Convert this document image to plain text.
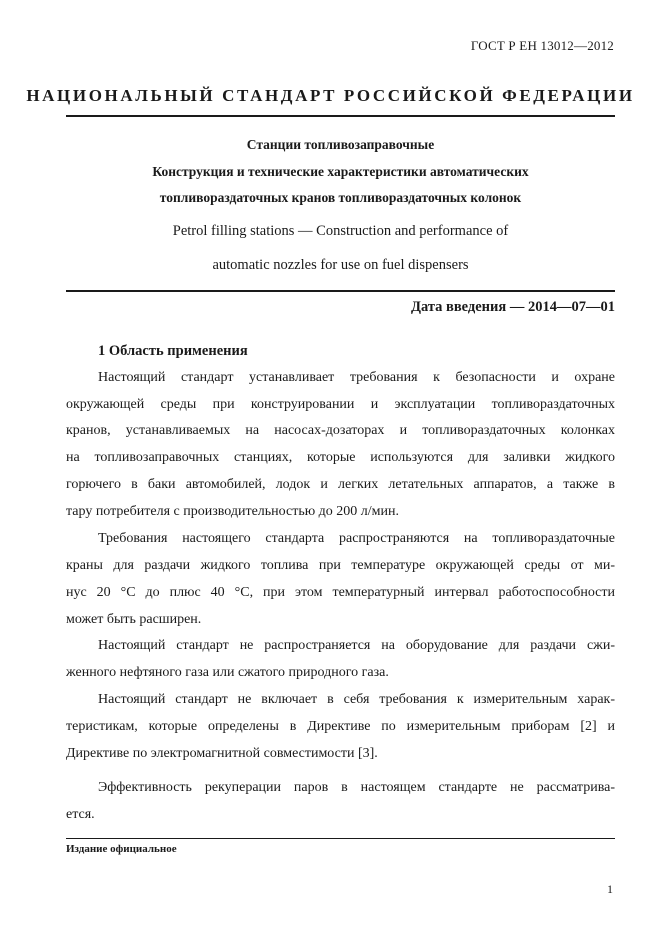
ГОСТ Р ЕН 13012—2012
НАЦИОНАЛЬНЫЙ СТАНДАРТ РОССИЙСКОЙ ФЕДЕРАЦИИ
Станции топливозаправочные
Конструкция и технические характеристики автоматических
топливораздаточных кранов топливораздаточных колонок
Petrol filling stations — Construction and performance of
automatic nozzles for use on fuel dispensers
Дата введения — 2014—07—01
1 Область применения
Настоящий стандарт устанавливает требования к безопасности и охране
окружающей среды при конструировании и эксплуатации топливораздаточных
кранов, устанавливаемых на насосах-дозаторах и топливораздаточных колонках
на топливозаправочных станциях, которые используются для заливки жидкого
горючего в баки автомобилей, лодок и легких летательных аппаратов, а также в
тару потребителя с производительностью до 200 л/мин.
Требования настоящего стандарта распространяются на топливораздаточные
краны для раздачи жидкого топлива при температуре окружающей среды от ми-
нус 20 °С до плюс 40 °С, при этом температурный интервал работоспособности
может быть расширен.
Настоящий стандарт не распространяется на оборудование для раздачи сжи-
женного нефтяного газа или сжатого природного газа.
Настоящий стандарт не включает в себя требования к измерительным харак-
теристикам, которые определены в Директиве по измерительным приборам [2] и
Директиве по электромагнитной совместимости [3].
Эффективность рекуперации паров в настоящем стандарте не рассматрива-
ется.
Издание официальное
1
